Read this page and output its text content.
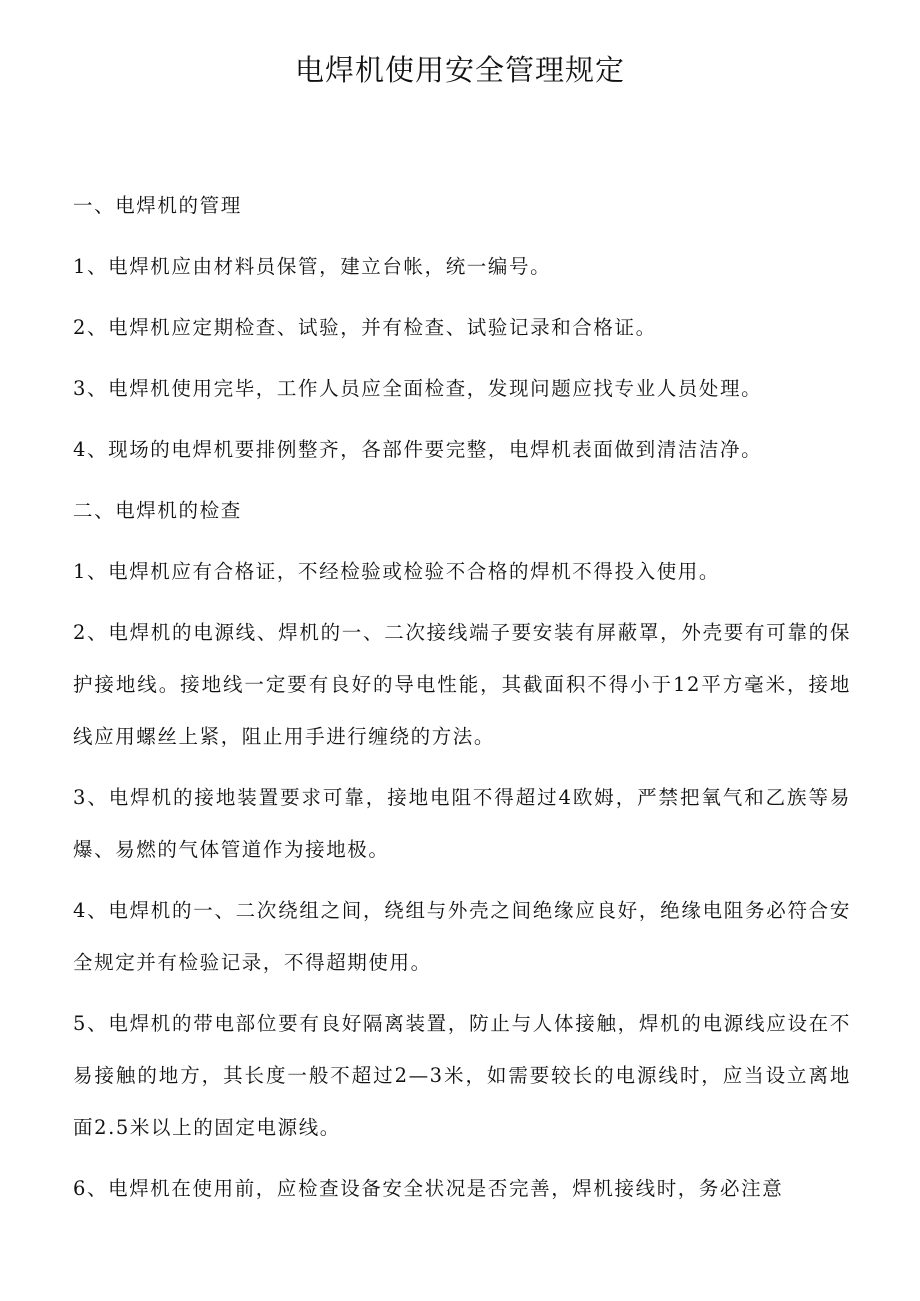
电焊机使用安全管理规定

一、电焊机的管理

1、电焊机应由材料员保管，建立台帐，统一编号。

2、电焊机应定期检查、试验，并有检查、试验记录和合格证。

3、电焊机使用完毕，工作人员应全面检查，发现问题应找专业人员处理。

4、现场的电焊机要排例整齐，各部件要完整，电焊机表面做到清洁洁净。

二、电焊机的检查

1、电焊机应有合格证，不经检验或检验不合格的焊机不得投入使用。

2、电焊机的电源线、焊机的一、二次接线端子要安装有屏蔽罩，外壳要有可靠的保护接地线。接地线一定要有良好的导电性能，其截面积不得小于12平方毫米，接地线应用螺丝上紧，阻止用手进行缠绕的方法。

3、电焊机的接地装置要求可靠，接地电阻不得超过4欧姆，严禁把氧气和乙族等易爆、易燃的气体管道作为接地极。

4、电焊机的一、二次绕组之间，绕组与外壳之间绝缘应良好，绝缘电阻务必符合安全规定并有检验记录，不得超期使用。

5、电焊机的带电部位要有良好隔离装置，防止与人体接触，焊机的电源线应设在不易接触的地方，其长度一般不超过2—3米，如需要较长的电源线时，应当设立离地面2.5米以上的固定电源线。

6、电焊机在使用前，应检查设备安全状况是否完善，焊机接线时，务必注意
